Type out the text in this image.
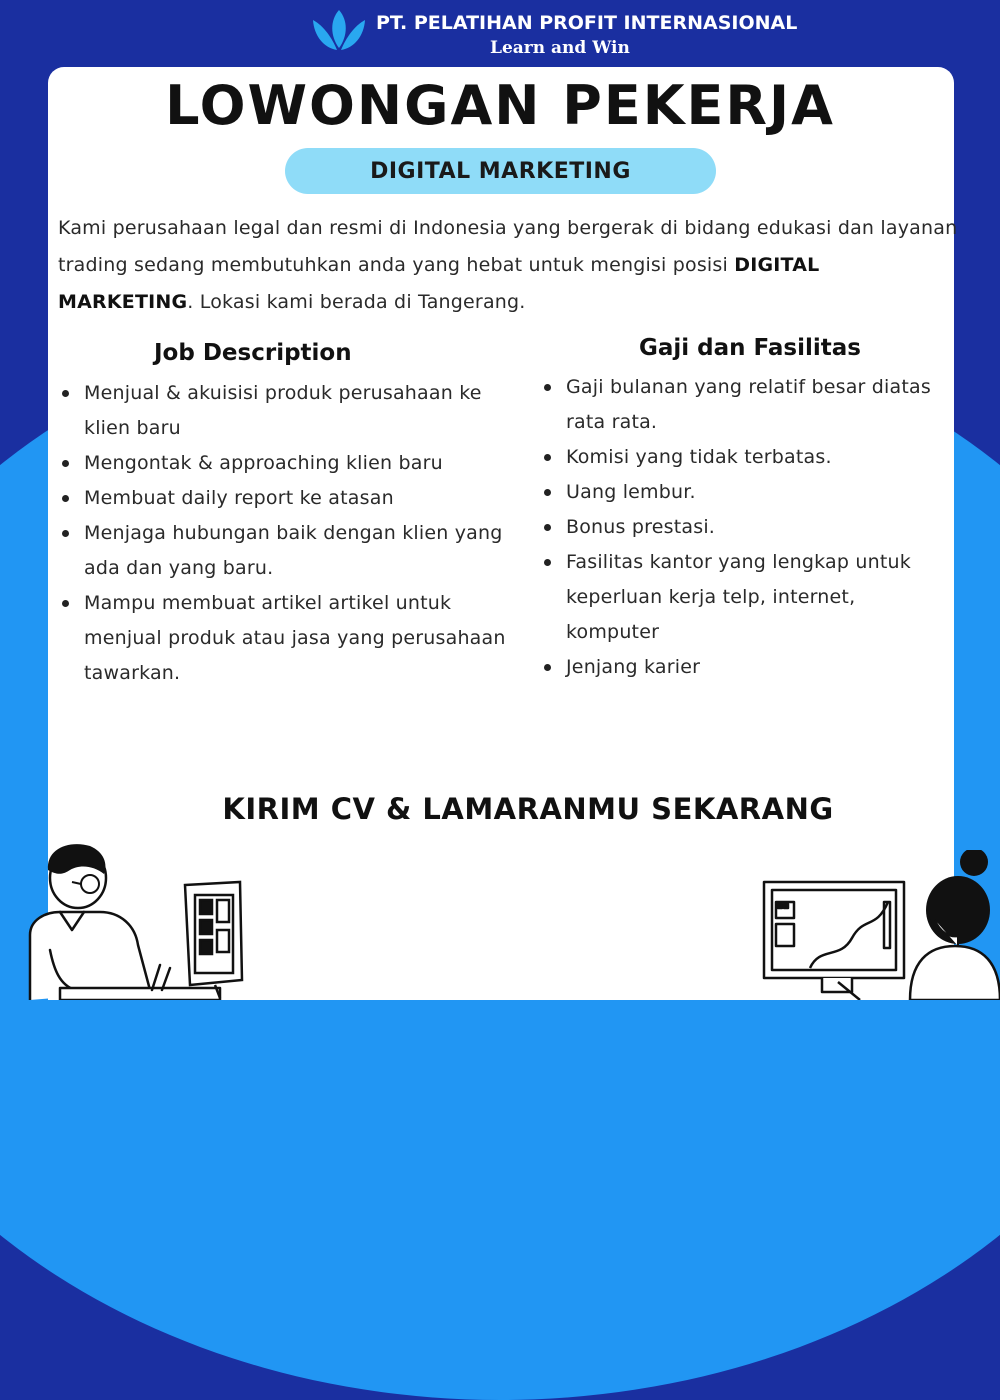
PT. PELATIHAN PROFIT INTERNASIONAL
Learn and Win
LOWONGAN PEKERJA
DIGITAL MARKETING
Kami perusahaan legal dan resmi di Indonesia yang bergerak di bidang edukasi dan layanan trading sedang membutuhkan anda yang hebat untuk mengisi posisi DIGITAL MARKETING. Lokasi kami berada di Tangerang.
Job Description
Menjual & akuisisi produk perusahaan ke klien baru
Mengontak & approaching klien baru
Membuat daily report ke atasan
Menjaga hubungan baik dengan klien yang ada dan yang baru.
Mampu membuat artikel artikel untuk menjual produk atau jasa yang perusahaan tawarkan.
Gaji dan Fasilitas
Gaji bulanan yang relatif besar diatas rata rata.
Komisi yang tidak terbatas.
Uang lembur.
Bonus prestasi.
Fasilitas kantor yang lengkap untuk keperluan kerja telp, internet, komputer
Jenjang karier
KIRIM CV & LAMARANMU SEKARANG
